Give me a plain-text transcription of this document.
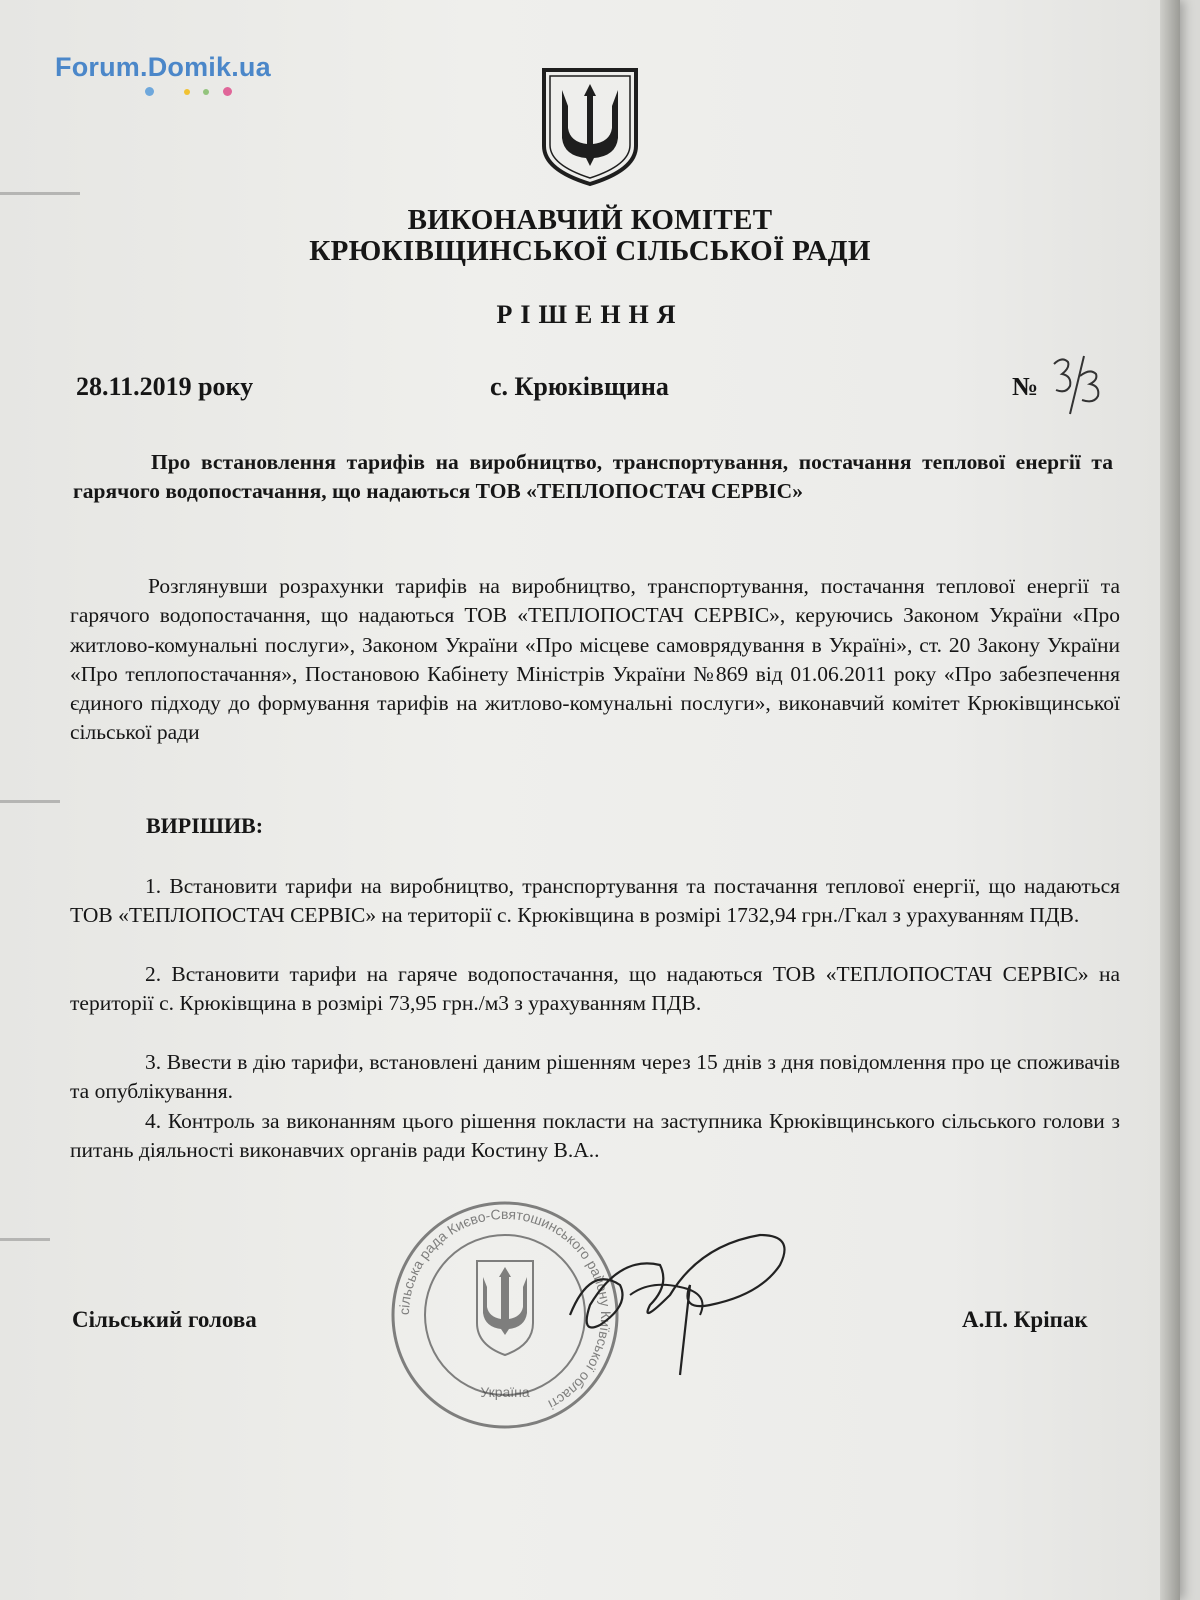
Forum.Domik.ua
ВИКОНАВЧИЙ КОМІТЕТ
КРЮКІВЩИНСЬКОЇ СІЛЬСЬКОЇ РАДИ
РІШЕННЯ
28.11.2019 року	с. Крюківщина	№
Про встановлення тарифів на виробництво, транспортування, постачання теплової енергії та гарячого водопостачання, що надаються ТОВ «ТЕПЛОПОСТАЧ СЕРВІС»
Розглянувши розрахунки тарифів на виробництво, транспортування, постачання теплової енергії та гарячого водопостачання, що надаються ТОВ «ТЕПЛОПОСТАЧ СЕРВІС», керуючись Законом України «Про житлово-комунальні послуги», Законом України «Про місцеве самоврядування в Україні», ст. 20 Закону України «Про теплопостачання», Постановою Кабінету Міністрів України №869 від 01.06.2011 року «Про забезпечення єдиного підходу до формування тарифів на житлово-комунальні послуги», виконавчий комітет Крюківщинської сільської ради
ВИРІШИВ:
1. Встановити тарифи на виробництво, транспортування та постачання теплової енергії, що надаються ТОВ «ТЕПЛОПОСТАЧ СЕРВІС» на території с. Крюківщина в розмірі 1732,94 грн./Гкал з урахуванням ПДВ.
2. Встановити тарифи на гаряче водопостачання, що надаються ТОВ «ТЕПЛОПОСТАЧ СЕРВІС» на території с. Крюківщина в розмірі 73,95 грн./м3 з урахуванням ПДВ.
3. Ввести в дію тарифи, встановлені даним рішенням через 15 днів з дня повідомлення про це споживачів та опублікування.
4. Контроль за виконанням цього рішення покласти на заступника Крюківщинського сільського голови з питань діяльності виконавчих органів ради Костину В.А..
сільська рада Києво-Святошинського району Київської області
Україна
Сільський голова	А.П. Кріпак
